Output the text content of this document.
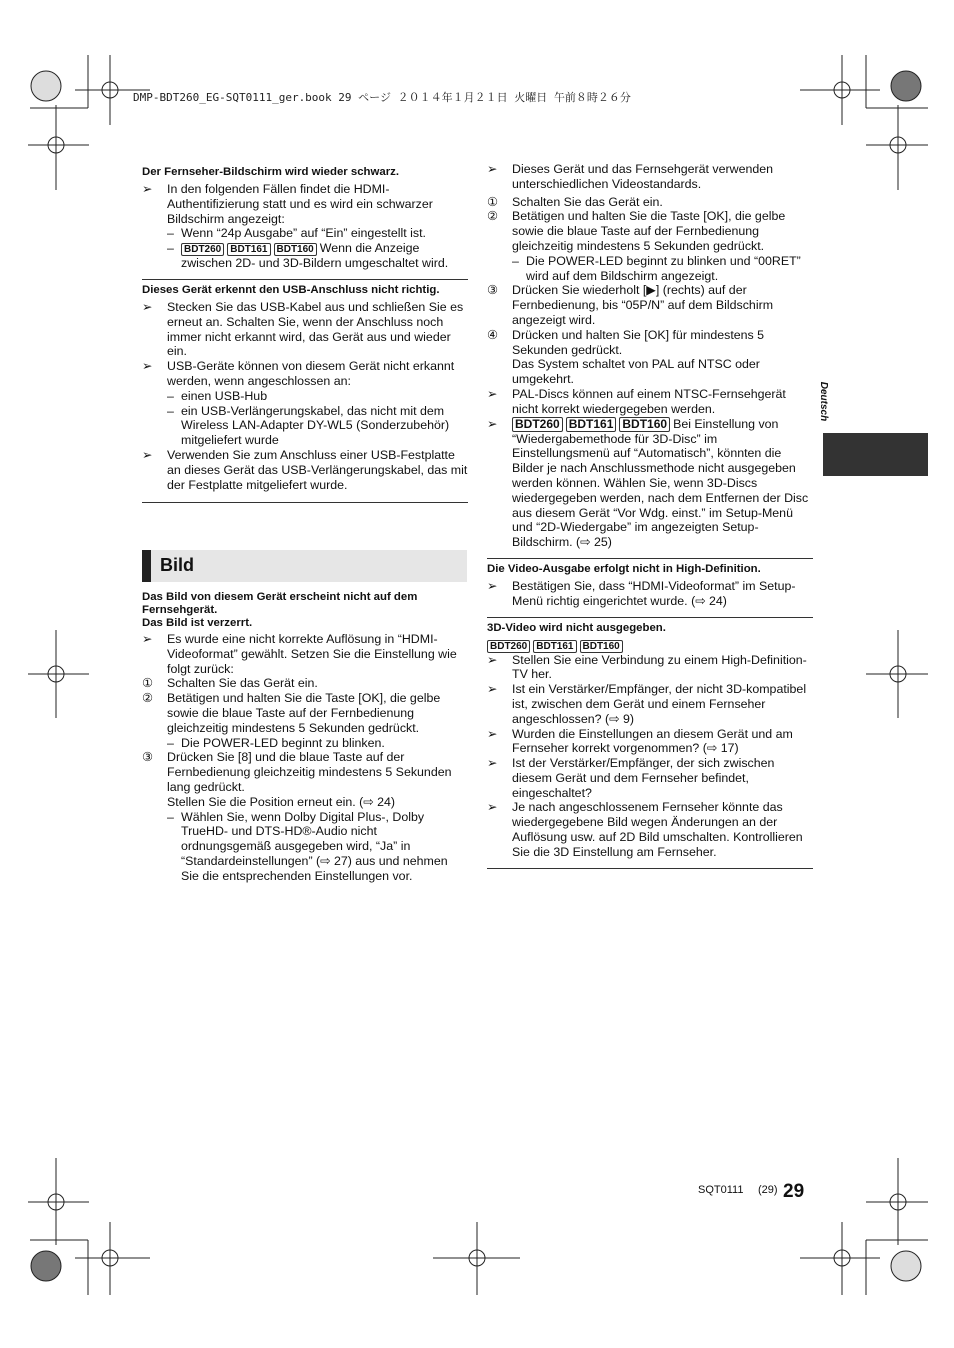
DMP-BDT260_EG-SQT0111_ger.book 29 ページ ２０１４年１月２１日 火曜日 午前８時２６分

Der Fernseher-Bildschirm wird wieder schwarz.

➢ In den folgenden Fällen findet die HDMI-Authentifizierung statt und es wird ein schwarzer Bildschirm angezeigt:
– Wenn “24p Ausgabe” auf “Ein” eingestellt ist.
– BDT260 BDT161 BDT160 Wenn die Anzeige zwischen 2D- und 3D-Bildern umgeschaltet wird.

Dieses Gerät erkennt den USB-Anschluss nicht richtig.

➢ Stecken Sie das USB-Kabel aus und schließen Sie es erneut an. Schalten Sie, wenn der Anschluss noch immer nicht erkannt wird, das Gerät aus und wieder ein.
➢ USB-Geräte können von diesem Gerät nicht erkannt werden, wenn angeschlossen an:
– einen USB-Hub
– ein USB-Verlängerungskabel, das nicht mit dem Wireless LAN-Adapter DY-WL5 (Sonderzubehör) mitgeliefert wurde
➢ Verwenden Sie zum Anschluss einer USB-Festplatte an dieses Gerät das USB-Verlängerungskabel, das mit der Festplatte mitgeliefert wurde.
Bild

Das Bild von diesem Gerät erscheint nicht auf dem Fernsehgerät.

Das Bild ist verzerrt.

➢ Es wurde eine nicht korrekte Auflösung in “HDMI-Videoformat” gewählt. Setzen Sie die Einstellung wie folgt zurück:
① Schalten Sie das Gerät ein.
② Betätigen und halten Sie die Taste [OK], die gelbe sowie die blaue Taste auf der Fernbedienung gleichzeitig mindestens 5 Sekunden gedrückt.
– Die POWER-LED beginnt zu blinken.
③ Drücken Sie [8] und die blaue Taste auf der Fernbedienung gleichzeitig mindestens 5 Sekunden lang gedrückt.
Stellen Sie die Position erneut ein. (⇨ 24)
– Wählen Sie, wenn Dolby Digital Plus-, Dolby TrueHD- und DTS-HD®-Audio nicht ordnungsgemäß ausgegeben wird, “Ja” in “Standardeinstellungen” (⇨ 27) aus und nehmen Sie die entsprechenden Einstellungen vor.
➢ Dieses Gerät und das Fernsehgerät verwenden unterschiedlichen Videostandards.
① Schalten Sie das Gerät ein.
② Betätigen und halten Sie die Taste [OK], die gelbe sowie die blaue Taste auf der Fernbedienung gleichzeitig mindestens 5 Sekunden gedrückt.
– Die POWER-LED beginnt zu blinken und “00RET” wird auf dem Bildschirm angezeigt.
③ Drücken Sie wiederholt [▶] (rechts) auf der Fernbedienung, bis “05P/N” auf dem Bildschirm angezeigt wird.
④ Drücken und halten Sie [OK] für mindestens 5 Sekunden gedrückt.
Das System schaltet von PAL auf NTSC oder umgekehrt.
➢ PAL-Discs können auf einem NTSC-Fernsehgerät nicht korrekt wiedergegeben werden.
➢ BDT260 BDT161 BDT160 Bei Einstellung von “Wiedergabemethode für 3D-Disc” im Einstellungsmenü auf “Automatisch”, könnten die Bilder je nach Anschlussmethode nicht ausgegeben werden können. Wählen Sie, wenn 3D-Discs wiedergegeben werden, nach dem Entfernen der Disc aus diesem Gerät “Vor Wdg. einst.” im Setup-Menü und “2D-Wiedergabe” im angezeigten Setup-Bildschirm. (⇨ 25)

Die Video-Ausgabe erfolgt nicht in High-Definition.

➢ Bestätigen Sie, dass “HDMI-Videoformat” im Setup-Menü richtig eingerichtet wurde. (⇨ 24)

3D-Video wird nicht ausgegeben.

BDT260 BDT161 BDT160
➢ Stellen Sie eine Verbindung zu einem High-Definition-TV her.
➢ Ist ein Verstärker/Empfänger, der nicht 3D-kompatibel ist, zwischen dem Gerät und einem Fernseher angeschlossen? (⇨ 9)
➢ Wurden die Einstellungen an diesem Gerät und am Fernseher korrekt vorgenommen? (⇨ 17)
➢ Ist der Verstärker/Empfänger, der sich zwischen diesem Gerät und dem Fernseher befindet, eingeschaltet?
➢ Je nach angeschlossenem Fernseher könnte das wiedergegebene Bild wegen Änderungen an der Auflösung usw. auf 2D Bild umschalten. Kontrollieren Sie die 3D Einstellung am Fernseher.
Deutsch
SQT0111 (29) 29
